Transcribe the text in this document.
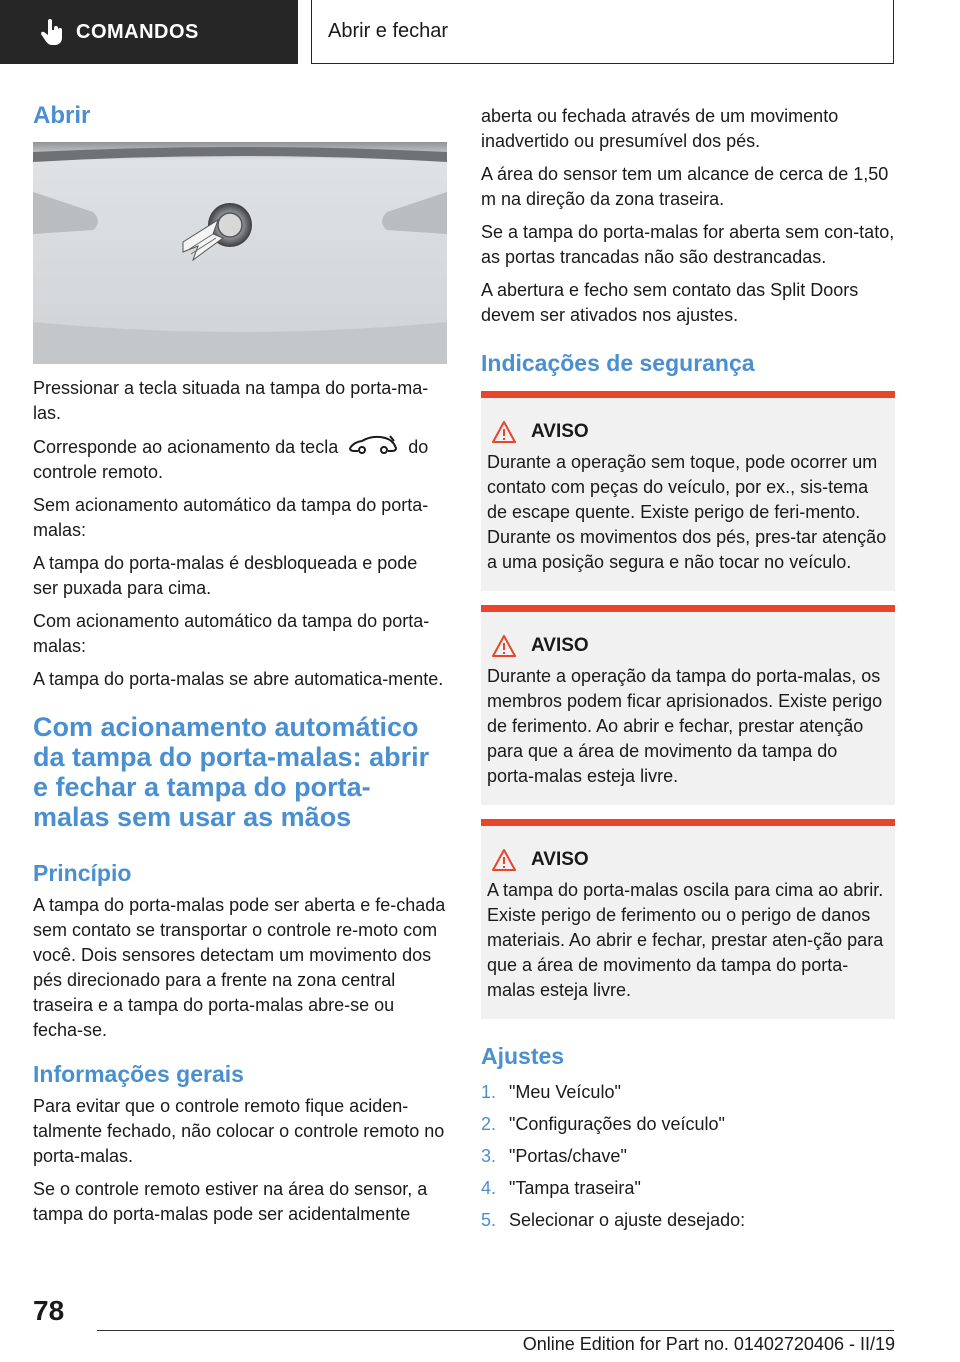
COMANDOS	Abrir e fechar
Abrir

Pressionar a tecla situada na tampa do porta-ma-las.

Corresponde ao acionamento da tecla	do controle remoto.

Sem acionamento automático da tampa do porta-malas:

A tampa do porta-malas é desbloqueada e pode ser puxada para cima.

Com acionamento automático da tampa do porta-malas:

A tampa do porta-malas se abre automatica-mente.

Com acionamento automático da tampa do porta-malas: abrir e fechar a tampa do porta-malas sem usar as mãos
Princípio

A tampa do porta-malas pode ser aberta e fe-chada sem contato se transportar o controle re-moto com você. Dois sensores detectam um movimento dos pés direcionado para a frente na zona central traseira e a tampa do porta-malas abre-se ou fecha-se.

Informações gerais

Para evitar que o controle remoto fique aciden-talmente fechado, não colocar o controle remoto no porta-malas.

Se o controle remoto estiver na área do sensor, a tampa do porta-malas pode ser acidentalmente

aberta ou fechada através de um movimento inadvertido ou presumível dos pés.

A área do sensor tem um alcance de cerca de 1,50 m na direção da zona traseira.

Se a tampa do porta-malas for aberta sem con-tato, as portas trancadas não são destrancadas.

A abertura e fecho sem contato das Split Doors devem ser ativados nos ajustes.

Indicações de segurança
AVISO

Durante a operação sem toque, pode ocorrer um contato com peças do veículo, por ex., sis-tema de escape quente. Existe perigo de feri-mento. Durante os movimentos dos pés, pres-tar atenção a uma posição segura e não tocar no veículo.

AVISO

Durante a operação da tampa do porta-malas, os membros podem ficar aprisionados. Existe perigo de ferimento. Ao abrir e fechar, prestar atenção para que a área de movimento da tampa do porta-malas esteja livre.

AVISO

A tampa do porta-malas oscila para cima ao abrir. Existe perigo de ferimento ou o perigo de danos materiais. Ao abrir e fechar, prestar aten-ção para que a área de movimento da tampa do porta-malas esteja livre.

Ajustes
1. "Meu Veículo"
2. "Configurações do veículo"
3. "Portas/chave"
4. "Tampa traseira"
5. Selecionar o ajuste desejado:
78
Online Edition for Part no. 01402720406 - II/19
